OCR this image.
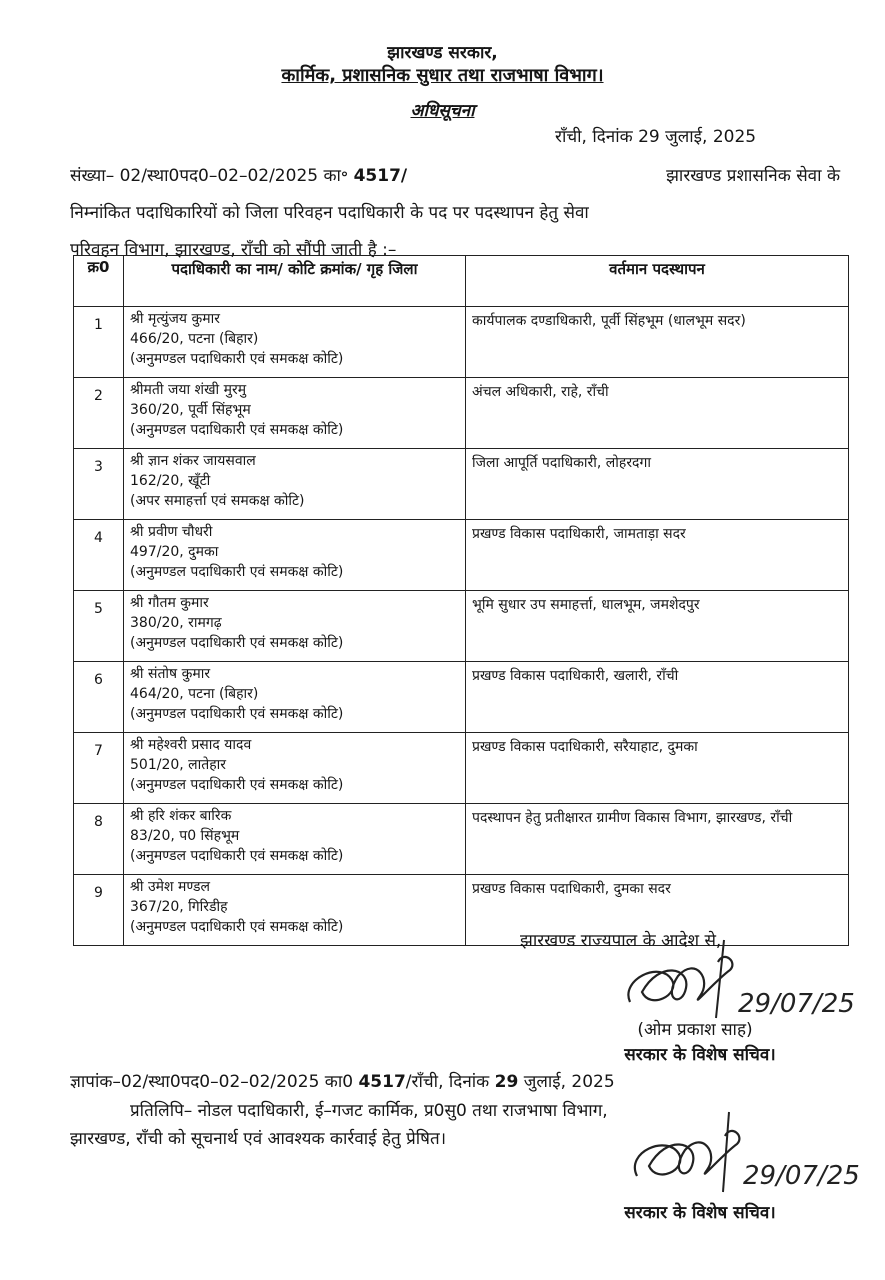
झारखण्ड सरकार,
कार्मिक, प्रशासनिक सुधार तथा राजभाषा विभाग।
अधिसूचना
राँची, दिनांक 29 जुलाई, 2025
संख्या– 02/स्था0पद0–02–02/2025 का॰ 4517/	झारखण्ड प्रशासनिक सेवा के
निम्नांकित पदाधिकारियों को जिला परिवहन पदाधिकारी के पद पर पदस्थापन हेतु सेवा
परिवहन विभाग, झारखण्ड, राँची को सौंपी जाती है :–
क्र0	पदाधिकारी का नाम/ कोटि क्रमांक/ गृह जिला	वर्तमान पदस्थापन
1	श्री मृत्युंजय कुमार
466/20, पटना (बिहार)
(अनुमण्डल पदाधिकारी एवं समकक्ष कोटि)	कार्यपालक दण्डाधिकारी, पूर्वी सिंहभूम (धालभूम सदर)
2	श्रीमती जया शंखी मुरमु
360/20, पूर्वी सिंहभूम
(अनुमण्डल पदाधिकारी एवं समकक्ष कोटि)	अंचल अधिकारी, राहे, राँची
3	श्री ज्ञान शंकर जायसवाल
162/20, खूँटी
(अपर समाहर्त्ता एवं समकक्ष कोटि)	जिला आपूर्ति पदाधिकारी, लोहरदगा
4	श्री प्रवीण चौधरी
497/20, दुमका
(अनुमण्डल पदाधिकारी एवं समकक्ष कोटि)	प्रखण्ड विकास पदाधिकारी, जामताड़ा सदर
5	श्री गौतम कुमार
380/20, रामगढ़
(अनुमण्डल पदाधिकारी एवं समकक्ष कोटि)	भूमि सुधार उप समाहर्त्ता, धालभूम, जमशेदपुर
6	श्री संतोष कुमार
464/20, पटना (बिहार)
(अनुमण्डल पदाधिकारी एवं समकक्ष कोटि)	प्रखण्ड विकास पदाधिकारी, खलारी, राँची
7	श्री महेश्वरी प्रसाद यादव
501/20, लातेहार
(अनुमण्डल पदाधिकारी एवं समकक्ष कोटि)	प्रखण्ड विकास पदाधिकारी, सरैयाहाट, दुमका
8	श्री हरि शंकर बारिक
83/20, प0 सिंहभूम
(अनुमण्डल पदाधिकारी एवं समकक्ष कोटि)	पदस्थापन हेतु प्रतीक्षारत ग्रामीण विकास विभाग, झारखण्ड, राँची
9	श्री उमेश मण्डल
367/20, गिरिडीह
(अनुमण्डल पदाधिकारी एवं समकक्ष कोटि)	प्रखण्ड विकास पदाधिकारी, दुमका सदर
झारखण्ड राज्यपाल के आदेश से,
29/07/25
(ओम प्रकाश साह)
सरकार के विशेष सचिव।
ज्ञापांक–02/स्था0पद0–02–02/2025 का0 4517/राँची, दिनांक 29 जुलाई, 2025
प्रतिलिपि– नोडल पदाधिकारी, ई–गजट कार्मिक, प्र0सु0 तथा राजभाषा विभाग,
झारखण्ड, राँची को सूचनार्थ एवं आवश्यक कार्रवाई हेतु प्रेषित।
29/07/25
सरकार के विशेष सचिव।
